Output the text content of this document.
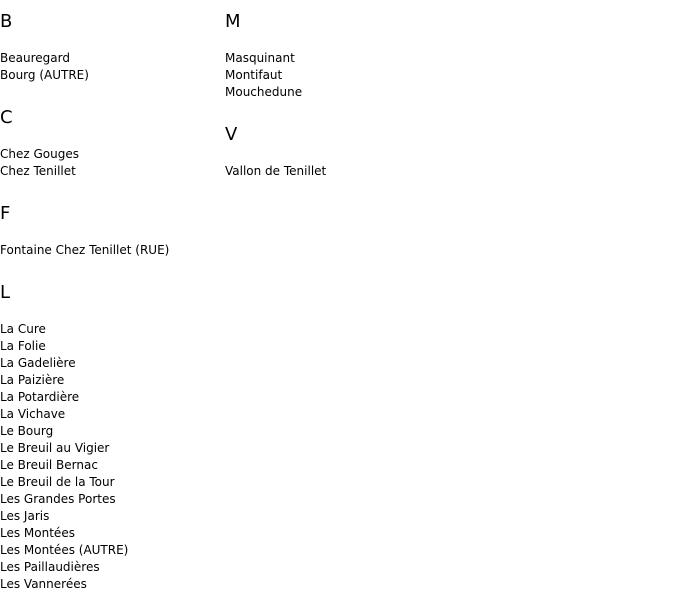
B
Beauregard
Bourg (AUTRE)
C
Chez Gouges
Chez Tenillet
F
Fontaine Chez Tenillet (RUE)
L
La Cure
La Folie
La Gadelière
La Paizière
La Potardière
La Vichave
Le Bourg
Le Breuil au Vigier
Le Breuil Bernac
Le Breuil de la Tour
Les Grandes Portes
Les Jaris
Les Montées
Les Montées (AUTRE)
Les Paillaudières
Les Vannerées
M
Masquinant
Montifaut
Mouchedune
V
Vallon de Tenillet
